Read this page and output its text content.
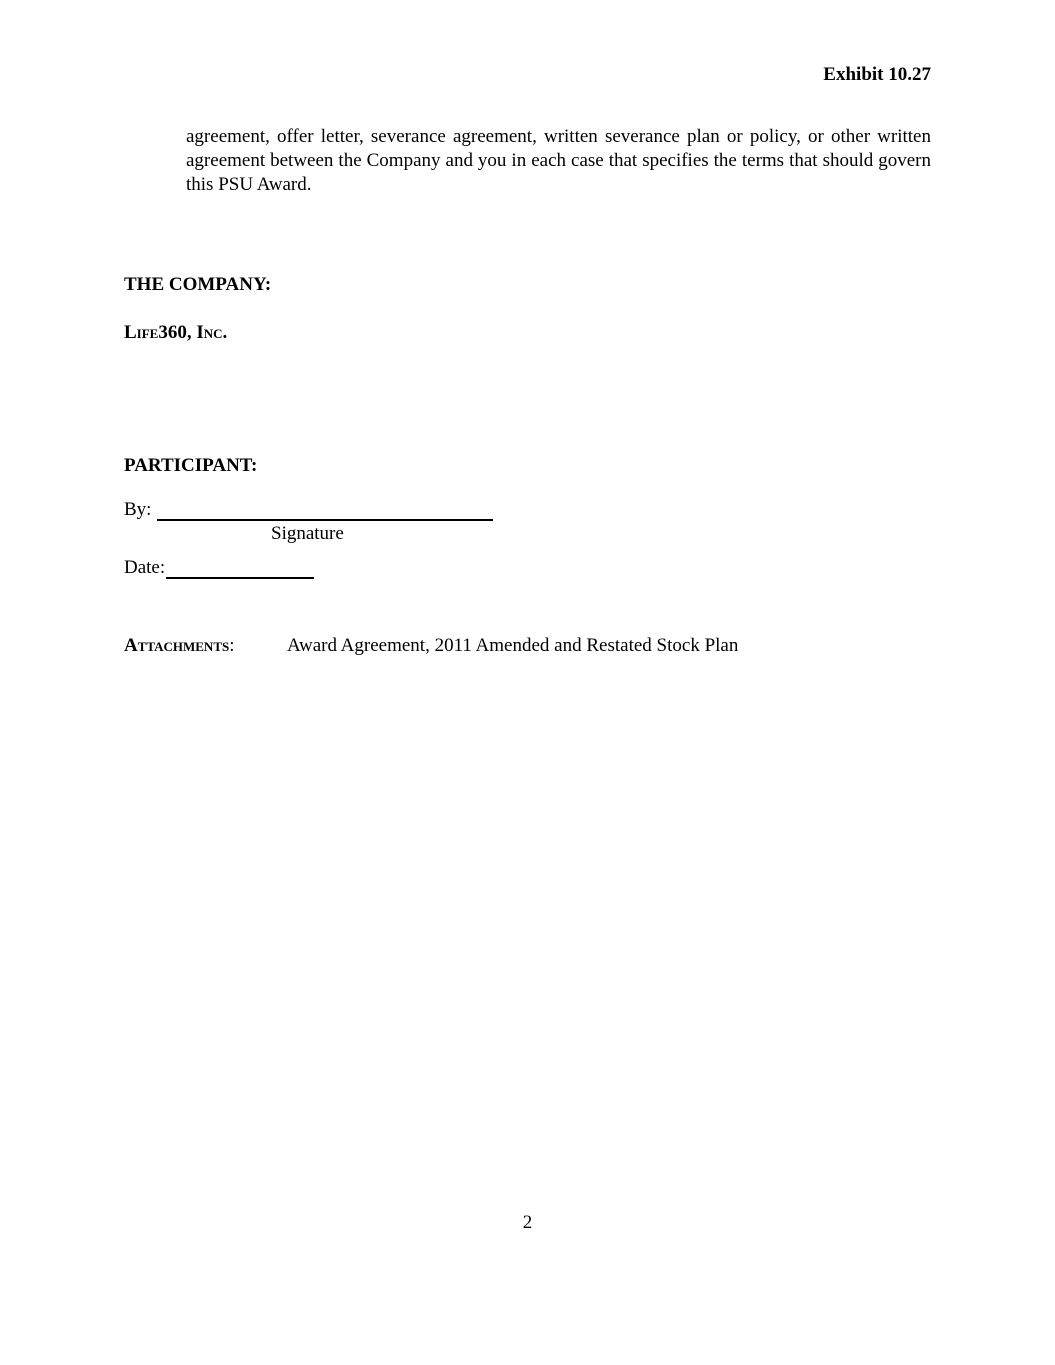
Exhibit 10.27
agreement, offer letter, severance agreement, written severance plan or policy, or other written agreement between the Company and you in each case that specifies the terms that should govern this PSU Award.
THE COMPANY:
Life360, Inc.
PARTICIPANT:
By:
Signature
Date:
Attachments:	Award Agreement, 2011 Amended and Restated Stock Plan
2
